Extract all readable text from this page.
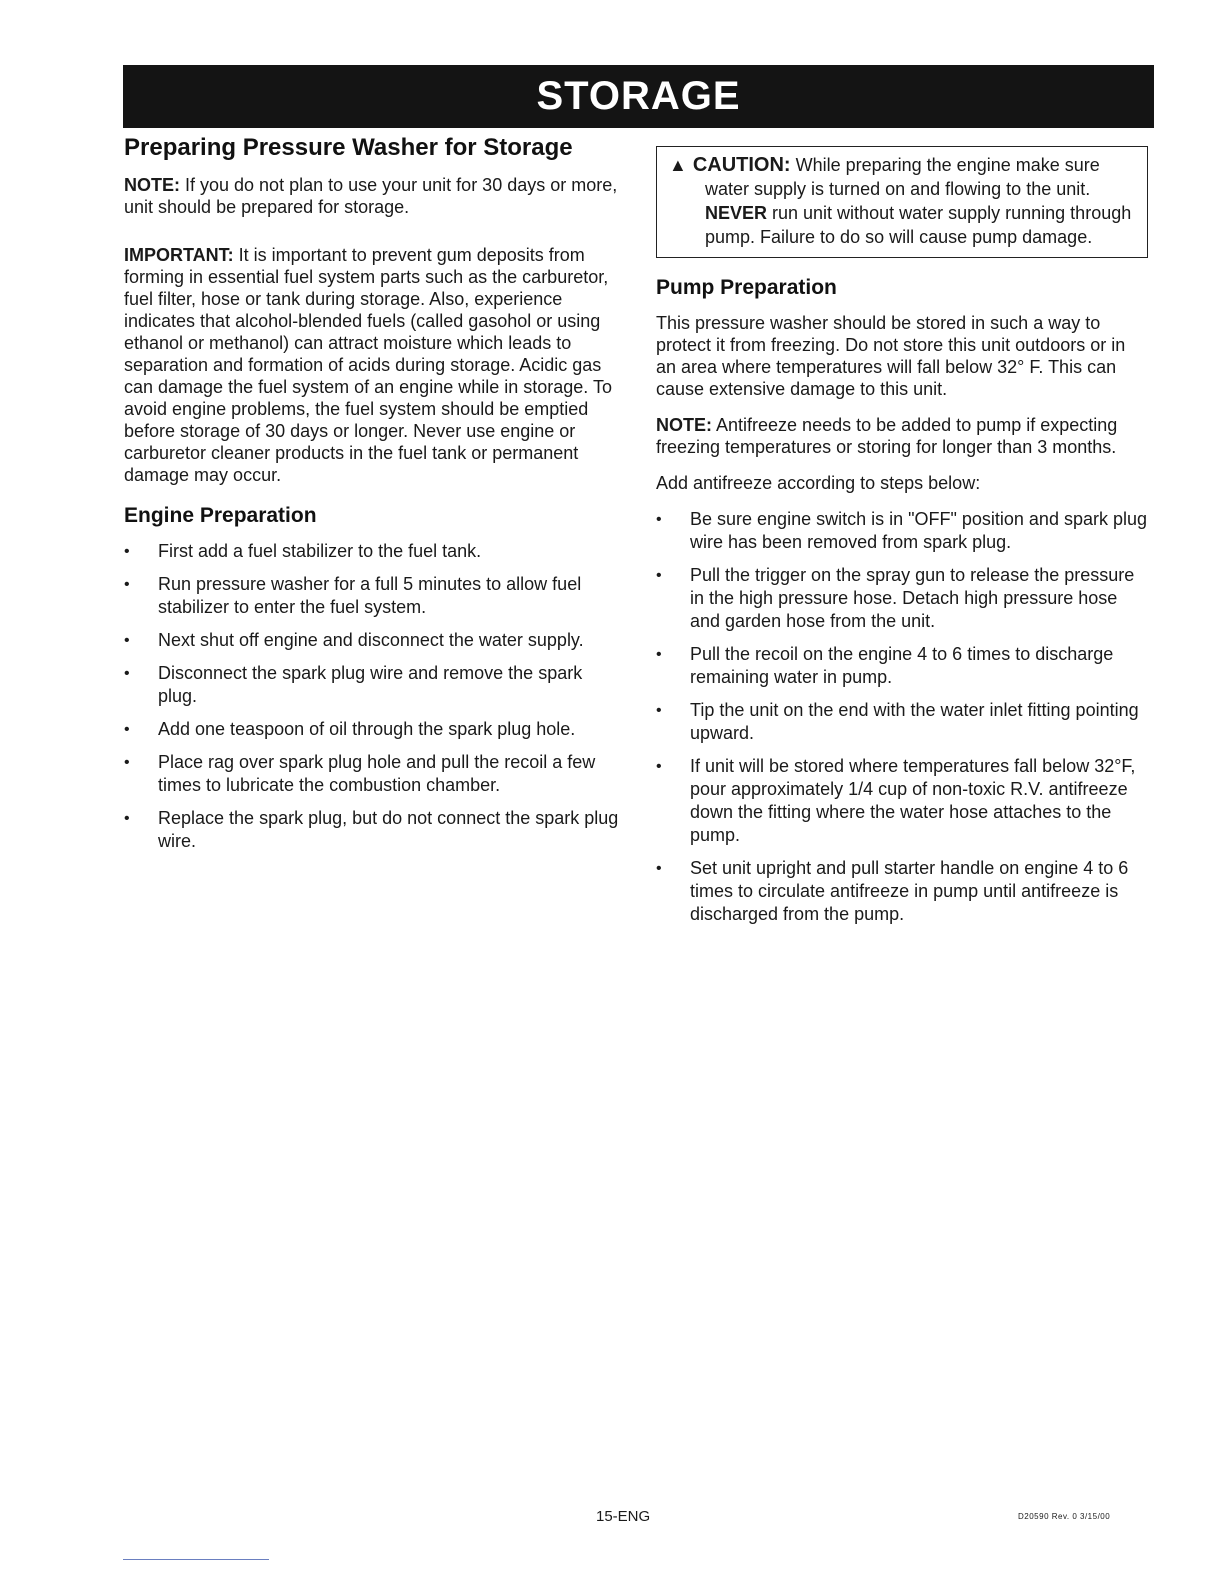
STORAGE
Preparing Pressure Washer for Storage

NOTE: If you do not plan to use your unit for 30 days or more, unit should be prepared for storage.

IMPORTANT: It is important to prevent gum deposits from forming in essential fuel system parts such as the carburetor, fuel filter, hose or tank during storage. Also, experience indicates that alcohol-blended fuels (called gasohol or using ethanol or methanol) can attract moisture which leads to separation and formation of acids during storage. Acidic gas can damage the fuel system of an engine while in storage. To avoid engine problems, the fuel system should be emptied before storage of 30 days or longer. Never use engine or carburetor cleaner products in the fuel tank or permanent damage may occur.

Engine Preparation
• First add a fuel stabilizer to the fuel tank.
• Run pressure washer for a full 5 minutes to allow fuel stabilizer to enter the fuel system.
• Next shut off engine and disconnect the water supply.
• Disconnect the spark plug wire and remove the spark plug.
• Add one teaspoon of oil through the spark plug hole.
• Place rag over spark plug hole and pull the recoil a few times to lubricate the combustion chamber.
• Replace the spark plug, but do not connect the spark plug wire.

▲ CAUTION: While preparing the engine make sure water supply is turned on and flowing to the unit. NEVER run unit without water supply running through pump. Failure to do so will cause pump damage.

Pump Preparation

This pressure washer should be stored in such a way to protect it from freezing. Do not store this unit outdoors or in an area where temperatures will fall below 32° F. This can cause extensive damage to this unit.

NOTE: Antifreeze needs to be added to pump if expecting freezing temperatures or storing for longer than 3 months.

Add antifreeze according to steps below:

• Be sure engine switch is in "OFF" position and spark plug wire has been removed from spark plug.
• Pull the trigger on the spray gun to release the pressure in the high pressure hose. Detach high pressure hose and garden hose from the unit.
• Pull the recoil on the engine 4 to 6 times to discharge remaining water in pump.
• Tip the unit on the end with the water inlet fitting pointing upward.
• If unit will be stored where temperatures fall below 32°F, pour approximately 1/4 cup of non-toxic R.V. antifreeze down the fitting where the water hose attaches to the pump.
• Set unit upright and pull starter handle on engine 4 to 6 times to circulate antifreeze in pump until antifreeze is discharged from the pump.
15-ENG	D20590 Rev. 0 3/15/00
